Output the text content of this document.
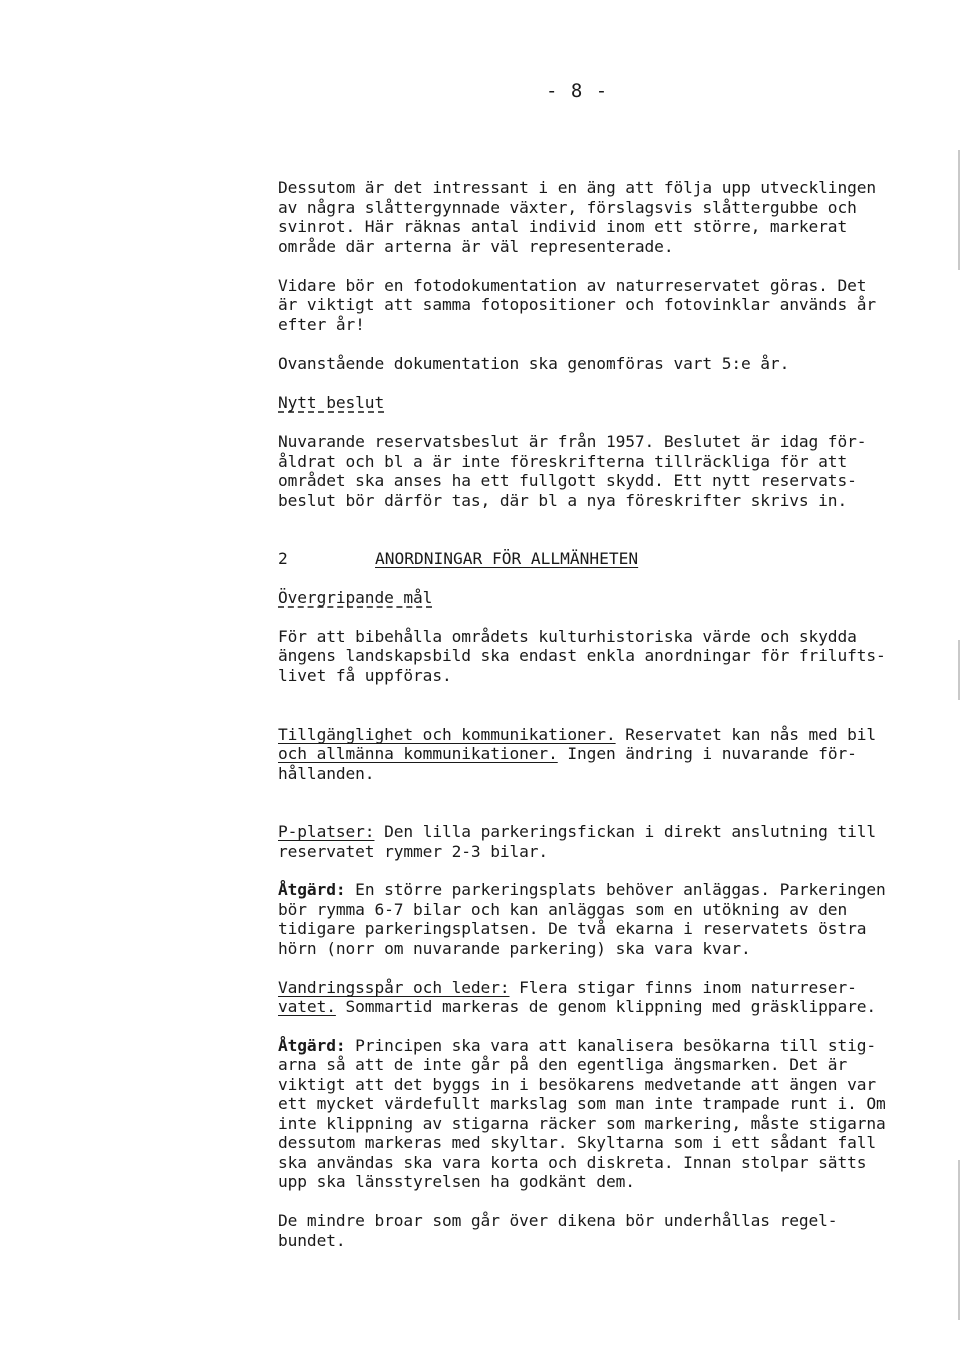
- 8 -
Dessutom är det intressant i en äng att följa upp utvecklingen
av några slåttergynnade växter, förslagsvis slåttergubbe och
svinrot. Här räknas antal individ inom ett större, markerat
område där arterna är väl representerade.
Vidare bör en fotodokumentation av naturreservatet göras. Det
är viktigt att samma fotopositioner och fotovinklar används år
efter år!
Ovanstående dokumentation ska genomföras vart 5:e år.
Nytt beslut
Nuvarande reservatsbeslut är från 1957. Beslutet är idag för-
åldrat och bl a är inte föreskrifterna tillräckliga för att
området ska anses ha ett fullgott skydd. Ett nytt reservats-
beslut bör därför tas, där bl a nya föreskrifter skrivs in.
2	ANORDNINGAR FÖR ALLMÄNHETEN
Övergripande mål
För att bibehålla områdets kulturhistoriska värde och skydda
ängens landskapsbild ska endast enkla anordningar för frilufts-
livet få uppföras.
Tillgänglighet och kommunikationer. Reservatet kan nås med bil
och allmänna kommunikationer. Ingen ändring i nuvarande för-
hållanden.
P-platser: Den lilla parkeringsfickan i direkt anslutning till
reservatet rymmer 2-3 bilar.
Åtgärd: En större parkeringsplats behöver anläggas. Parkeringen
bör rymma 6-7 bilar och kan anläggas som en utökning av den
tidigare parkeringsplatsen. De två ekarna i reservatets östra
hörn (norr om nuvarande parkering) ska vara kvar.
Vandringsspår och leder: Flera stigar finns inom naturreser-
vatet. Sommartid markeras de genom klippning med gräsklippare.
Åtgärd: Principen ska vara att kanalisera besökarna till stig-
arna så att de inte går på den egentliga ängsmarken. Det är
viktigt att det byggs in i besökarens medvetande att ängen var
ett mycket värdefullt markslag som man inte trampade runt i. Om
inte klippning av stigarna räcker som markering, måste stigarna
dessutom markeras med skyltar. Skyltarna som i ett sådant fall
ska användas ska vara korta och diskreta. Innan stolpar sätts
upp ska länsstyrelsen ha godkänt dem.
De mindre broar som går över dikena bör underhållas regel-
bundet.
